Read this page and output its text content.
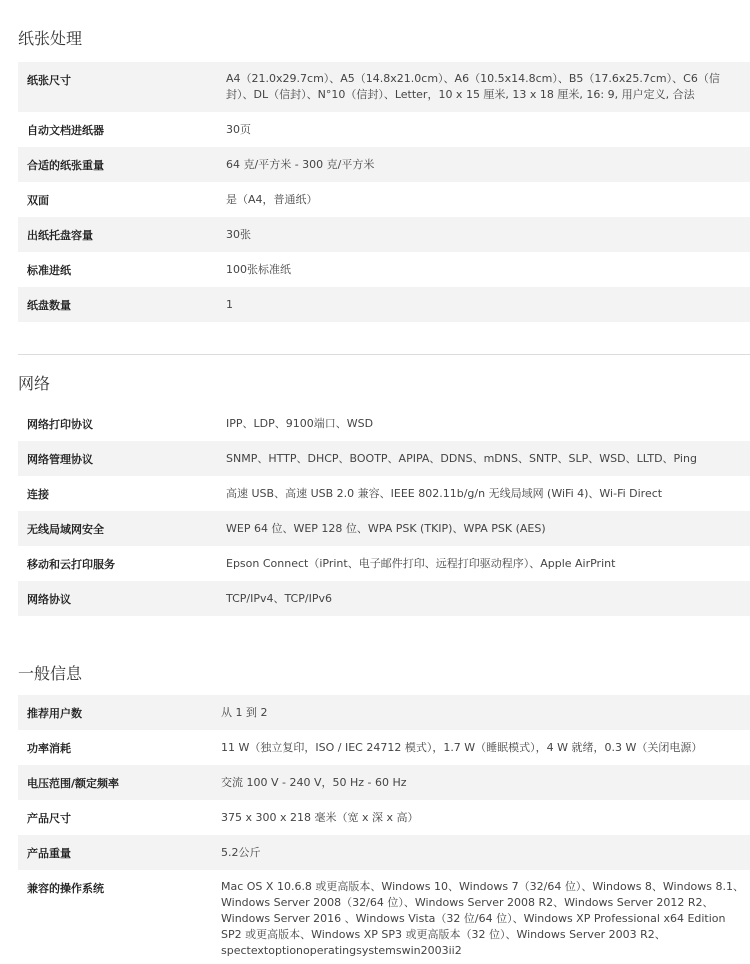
纸张处理
纸张尺寸	A4（21.0x29.7cm）、A5（14.8x21.0cm）、A6（10.5x14.8cm）、B5（17.6x25.7cm）、C6（信封）、DL（信封）、N°10（信封）、Letter，10 x 15 厘米, 13 x 18 厘米, 16: 9, 用户定义, 合法
自动文档进纸器	30页
合适的纸张重量	64 克/平方米 - 300 克/平方米
双面	是（A4，普通纸）
出纸托盘容量	30张
标准进纸	100张标准纸
纸盘数量	1
网络
网络打印协议	IPP、LDP、9100端口、WSD
网络管理协议	SNMP、HTTP、DHCP、BOOTP、APIPA、DDNS、mDNS、SNTP、SLP、WSD、LLTD、Ping
连接	高速 USB、高速 USB 2.0 兼容、IEEE 802.11b/g/n 无线局域网 (WiFi 4)、Wi-Fi Direct
无线局域网安全	WEP 64 位、WEP 128 位、WPA PSK (TKIP)、WPA PSK (AES)
移动和云打印服务	Epson Connect（iPrint、电子邮件打印、远程打印驱动程序）、Apple AirPrint
网络协议	TCP/IPv4、TCP/IPv6
一般信息
推荐用户数	从 1 到 2
功率消耗	11 W（独立复印，ISO / IEC 24712 模式），1.7 W（睡眠模式），4 W 就绪，0.3 W（关闭电源）
电压范围/额定频率	交流 100 V - 240 V，50 Hz - 60 Hz
产品尺寸	375 x 300 x 218 毫米（宽 x 深 x 高）
产品重量	5.2公斤
兼容的操作系统	Mac OS X 10.6.8 或更高版本、Windows 10、Windows 7（32/64 位）、Windows 8、Windows 8.1、Windows Server 2008（32/64 位）、Windows Server 2008 R2、Windows Server 2012 R2、Windows Server 2016 、Windows Vista（32 位/64 位）、Windows XP Professional x64 Edition SP2 或更高版本、Windows XP SP3 或更高版本（32 位）、Windows Server 2003 R2、spectextoptionoperatingsystemswin2003ii2
